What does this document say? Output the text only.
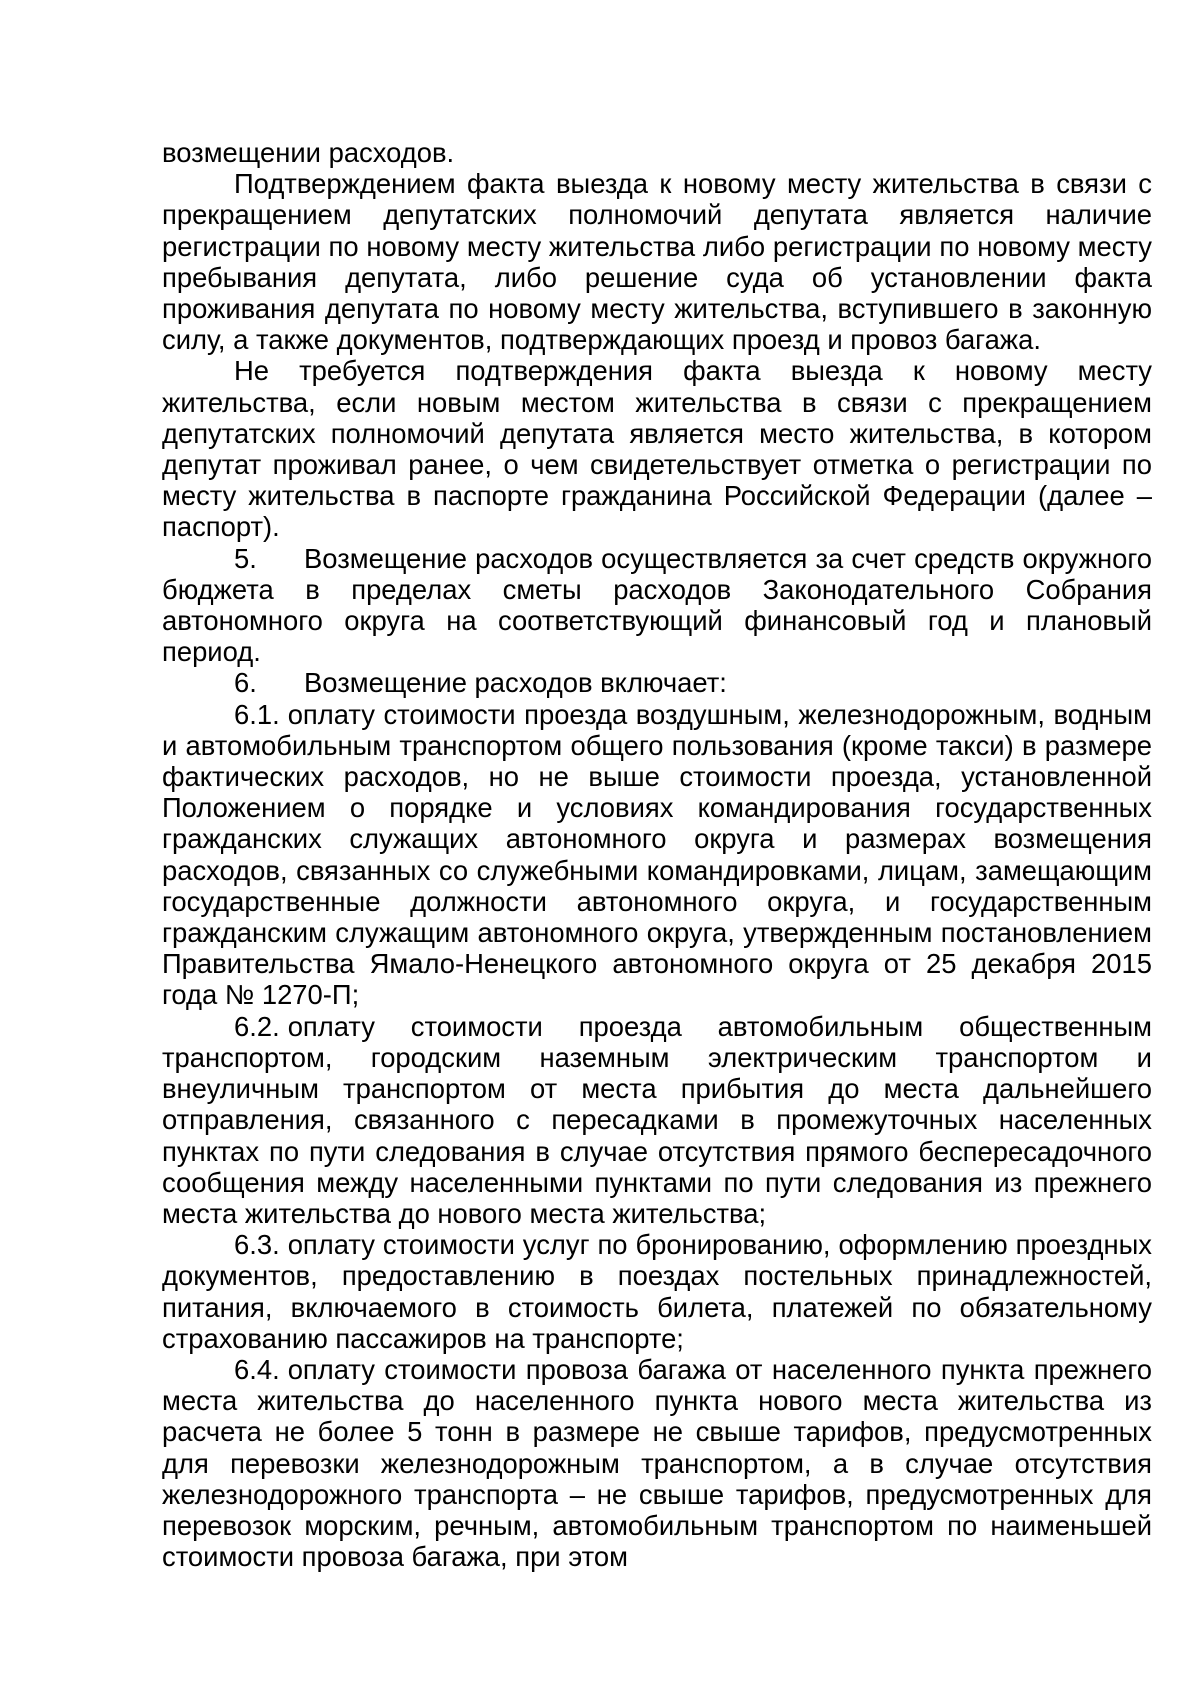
возмещении расходов.

Подтверждением факта выезда к новому месту жительства в связи с прекращением депутатских полномочий депутата является наличие регистрации по новому месту жительства либо регистрации по новому месту пребывания депутата, либо решение суда об установлении факта проживания депутата по новому месту жительства, вступившего в законную силу, а также документов, подтверждающих проезд и провоз багажа.

Не требуется подтверждения факта выезда к новому месту жительства, если новым местом жительства в связи с прекращением депутатских полномочий депутата является место жительства, в котором депутат проживал ранее, о чем свидетельствует отметка о регистрации по месту жительства в паспорте гражданина Российской Федерации (далее – паспорт).

5. Возмещение расходов осуществляется за счет средств окружного бюджета в пределах сметы расходов Законодательного Собрания автономного округа на соответствующий финансовый год и плановый период.

6. Возмещение расходов включает:

6.1. оплату стоимости проезда воздушным, железнодорожным, водным и автомобильным транспортом общего пользования (кроме такси) в размере фактических расходов, но не выше стоимости проезда, установленной Положением о порядке и условиях командирования государственных гражданских служащих автономного округа и размерах возмещения расходов, связанных со служебными командировками, лицам, замещающим государственные должности автономного округа, и государственным гражданским служащим автономного округа, утвержденным постановлением Правительства Ямало-Ненецкого автономного округа от 25 декабря 2015 года № 1270-П;

6.2. оплату стоимости проезда автомобильным общественным транспортом, городским наземным электрическим транспортом и внеуличным транспортом от места прибытия до места дальнейшего отправления, связанного с пересадками в промежуточных населенных пунктах по пути следования в случае отсутствия прямого беспересадочного сообщения между населенными пунктами по пути следования из прежнего места жительства до нового места жительства;

6.3. оплату стоимости услуг по бронированию, оформлению проездных документов, предоставлению в поездах постельных принадлежностей, питания, включаемого в стоимость билета, платежей по обязательному страхованию пассажиров на транспорте;

6.4. оплату стоимости провоза багажа от населенного пункта прежнего места жительства до населенного пункта нового места жительства из расчета не более 5 тонн в размере не свыше тарифов, предусмотренных для перевозки железнодорожным транспортом, а в случае отсутствия железнодорожного транспорта – не свыше тарифов, предусмотренных для перевозок морским, речным, автомобильным транспортом по наименьшей стоимости провоза багажа, при этом
